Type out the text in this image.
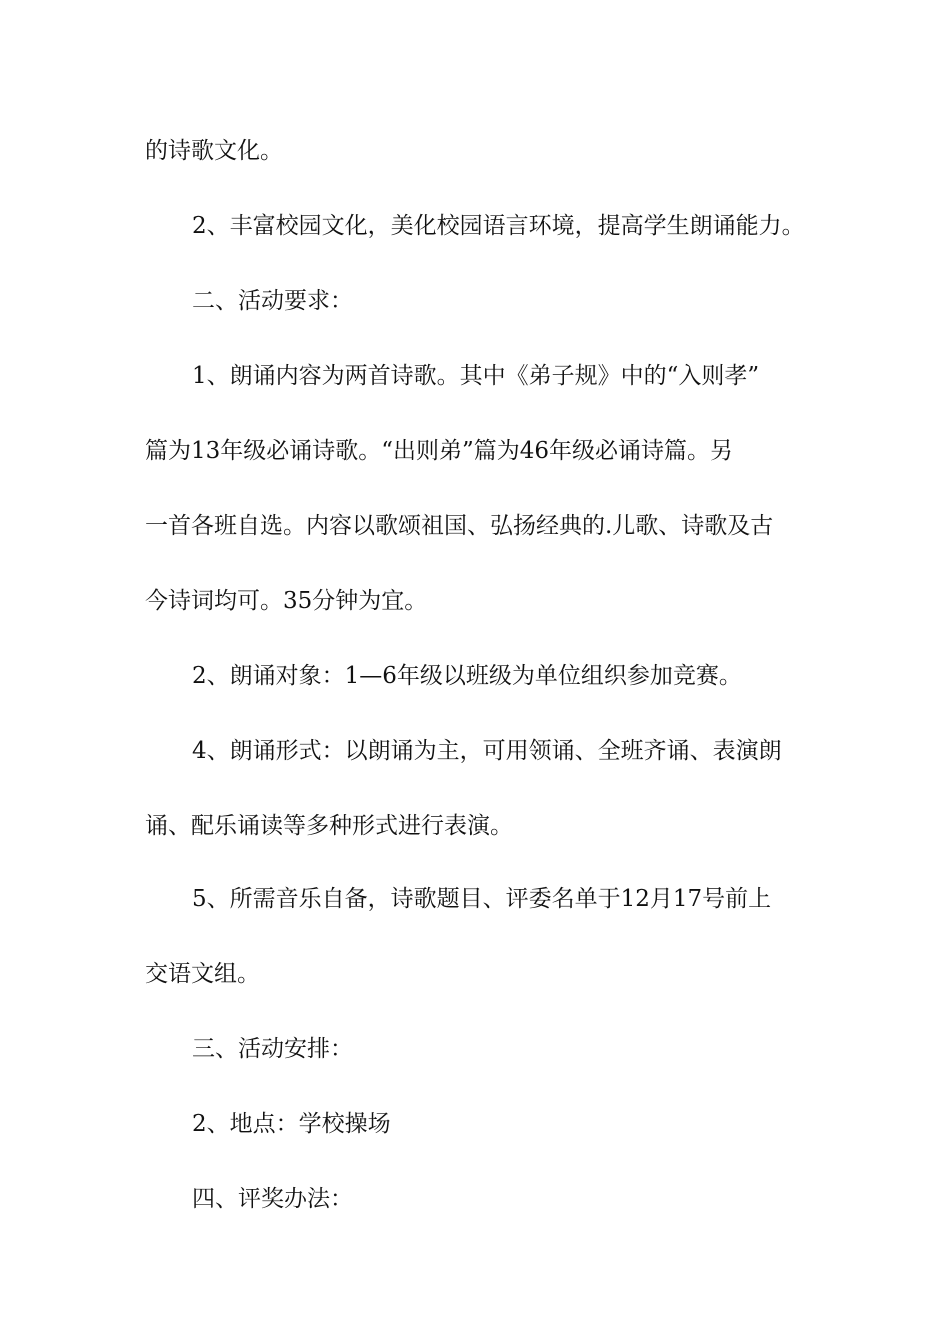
的诗歌文化。
2、丰富校园文化，美化校园语言环境，提高学生朗诵能力。
二、活动要求：
1、朗诵内容为两首诗歌。其中《弟子规》中的“入则孝”
篇为13年级必诵诗歌。“出则弟”篇为46年级必诵诗篇。另
一首各班自选。内容以歌颂祖国、弘扬经典的.儿歌、诗歌及古
今诗词均可。35分钟为宜。
2、朗诵对象：1—6年级以班级为单位组织参加竞赛。
4、朗诵形式：以朗诵为主，可用领诵、全班齐诵、表演朗
诵、配乐诵读等多种形式进行表演。
5、所需音乐自备，诗歌题目、评委名单于12月17号前上
交语文组。
三、活动安排：
2、地点：学校操场
四、评奖办法：
